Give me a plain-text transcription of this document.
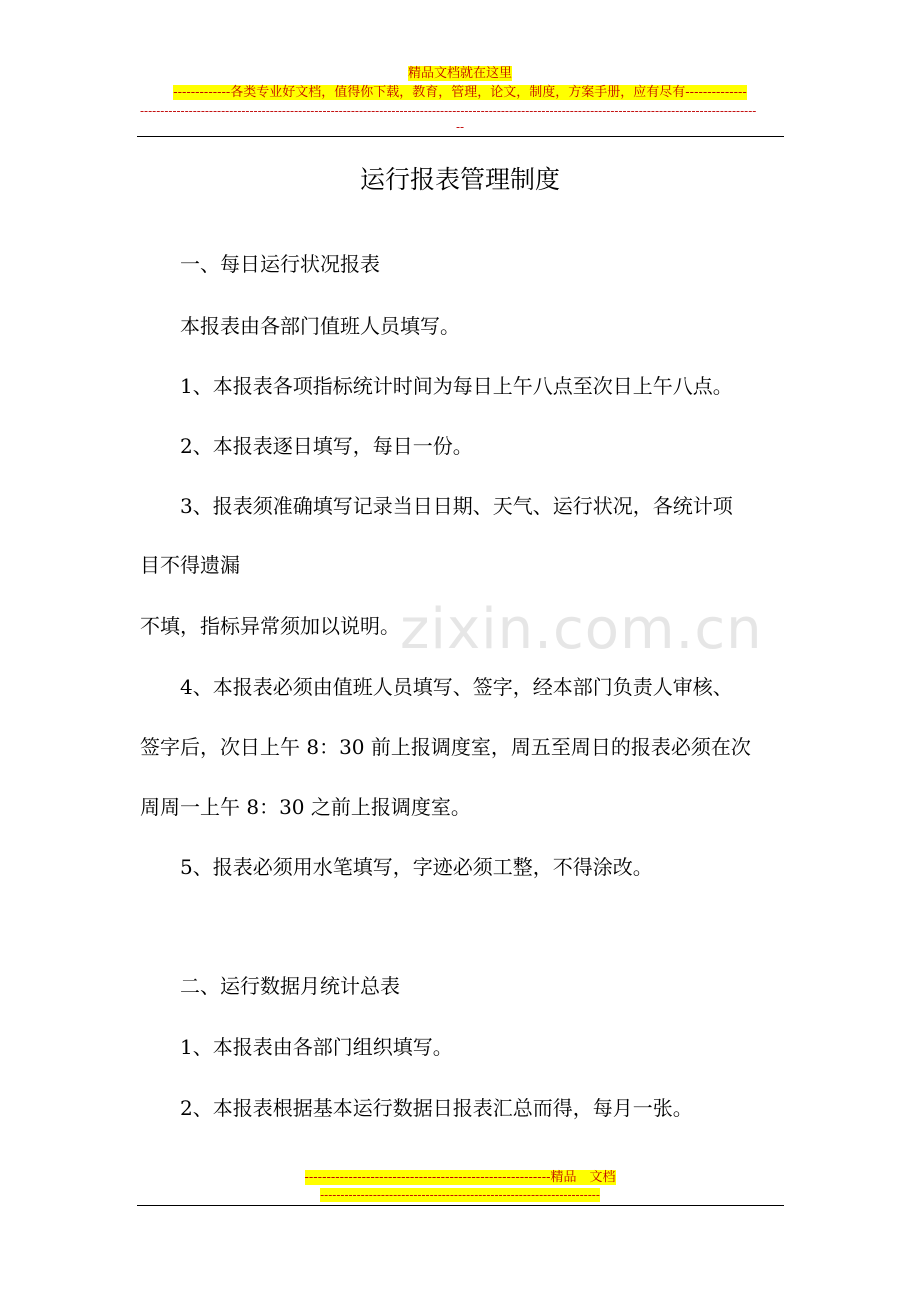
精品文档就在这里
-------------各类专业好文档，值得你下载，教育，管理，论文，制度，方案手册，应有尽有--------------
--------------------------------------------------------------------------------------------------------------------------------------------------------
--
zixin.com.cn
运行报表管理制度
一、每日运行状况报表
本报表由各部门值班人员填写。
1、本报表各项指标统计时间为每日上午八点至次日上午八点。
2、本报表逐日填写，每日一份。
3、报表须准确填写记录当日日期、天气、运行状况，各统计项
目不得遗漏
不填，指标异常须加以说明。
4、本报表必须由值班人员填写、签字，经本部门负责人审核、
签字后，次日上午 8：30 前上报调度室，周五至周日的报表必须在次
周周一上午 8：30 之前上报调度室。
5、报表必须用水笔填写，字迹必须工整，不得涂改。
二、运行数据月统计总表
1、本报表由各部门组织填写。
2、本报表根据基本运行数据日报表汇总而得，每月一张。
--------------------------------------------------------精品　文档
---------------------------------------------------------------------
